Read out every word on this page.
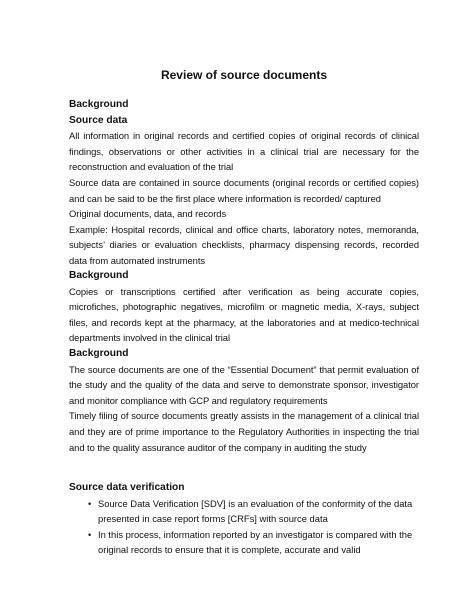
Review of source documents

Background

Source data

All information in original records and certified copies of original records of clinical findings, observations or other activities in a clinical trial are necessary for the reconstruction and evaluation of the trial

Source data are contained in source documents (original records or certified copies) and can be said to be the first place where information is recorded/ captured

Original documents, data, and records

Example: Hospital records, clinical and office charts, laboratory notes, memoranda, subjects’ diaries or evaluation checklists, pharmacy dispensing records, recorded data from automated instruments

Background

Copies or transcriptions certified after verification as being accurate copies, microfiches, photographic negatives, microfilm or magnetic media, X-rays, subject files, and records kept at the pharmacy, at the laboratories and at medico-technical departments involved in the clinical trial

Background

The source documents are one of the “Essential Document” that permit evaluation of the study and the quality of the data and serve to demonstrate sponsor, investigator and monitor compliance with GCP and regulatory requirements

Timely filing of source documents greatly assists in the management of a clinical trial and they are of prime importance to the Regulatory Authorities in inspecting the trial and to the quality assurance auditor of the company in auditing the study

Source data verification

• Source Data Verification [SDV] is an evaluation of the conformity of the data presented in case report forms [CRFs] with source data
• In this process, information reported by an investigator is compared with the original records to ensure that it is complete, accurate and valid
